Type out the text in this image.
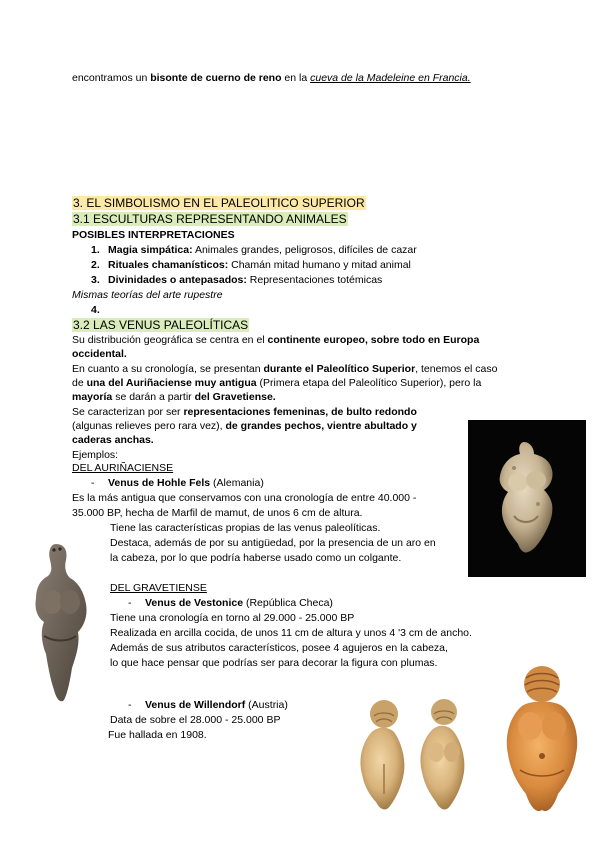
encontramos un bisonte de cuerno de reno en la cueva de la Madeleine en Francia.
3. EL SIMBOLISMO EN EL PALEOLITICO SUPERIOR
3.1 ESCULTURAS REPRESENTANDO ANIMALES
POSIBLES INTERPRETACIONES
1. Magia simpática: Animales grandes, peligrosos, difíciles de cazar
2. Rituales chamanísticos: Chamán mitad humano y mitad animal
3. Divinidades o antepasados: Representaciones totémicas
Mismas teorías del arte rupestre
4.
3.2 LAS VENUS PALEOLÍTICAS
Su distribución geográfica se centra en el continente europeo, sobre todo en Europa
occidental.
En cuanto a su cronología, se presentan durante el Paleolítico Superior, tenemos el caso
de una del Auriñaciense muy antigua (Primera etapa del Paleolítico Superior), pero la
mayoría se darán a partir del Gravetiense.
Se caracterizan por ser representaciones femeninas, de bulto redondo
(algunas relieves pero rara vez), de grandes pechos, vientre abultado y
caderas anchas.
Ejemplos:
DEL AURIÑACIENSE
- Venus de Hohle Fels (Alemania)
Es la más antigua que conservamos con una cronología de entre 40.000 -
35.000 BP, hecha de Marfil de mamut, de unos 6 cm de altura.
Tiene las características propias de las venus paleolíticas.
Destaca, además de por su antigüedad, por la presencia de un aro en
la cabeza, por lo que podría haberse usado como un colgante.
DEL GRAVETIENSE
- Venus de Vestonice (República Checa)
Tiene una cronología en torno al 29.000 - 25.000 BP
Realizada en arcilla cocida, de unos 11 cm de altura y unos 4 '3 cm de ancho.
Además de sus atributos característicos, posee 4 agujeros en la cabeza,
lo que hace pensar que podrías ser para decorar la figura con plumas.
- Venus de Willendorf (Austria)
Data de sobre el 28.000 - 25.000 BP
Fue hallada en 1908.
